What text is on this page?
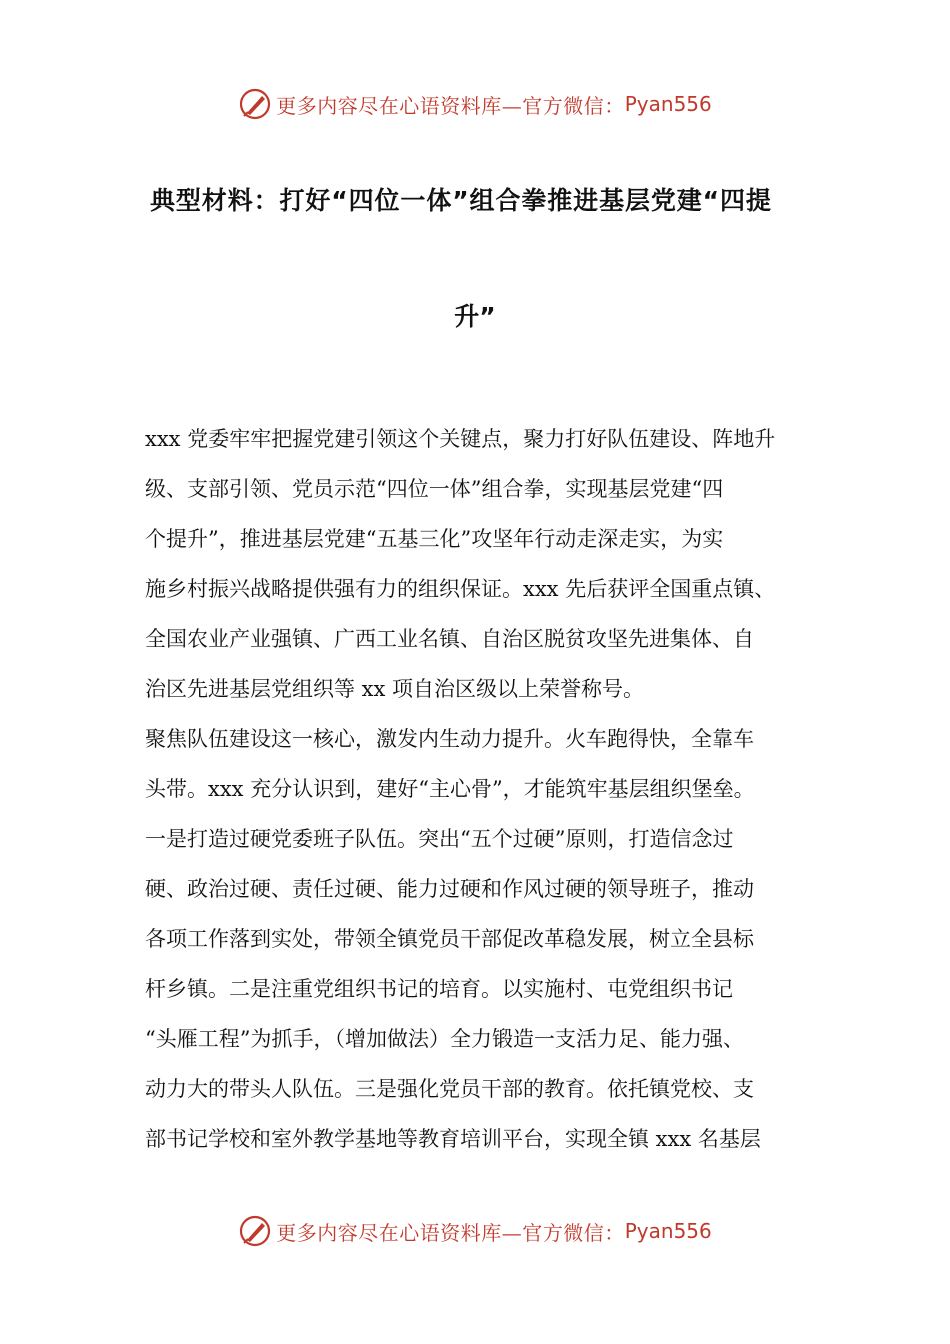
更多内容尽在心语资料库—官方微信： Pyan556
典型材料：打好“四位一体”组合拳推进基层党建“四提
升”
xxx 党委牢牢把握党建引领这个关键点，聚力打好队伍建设、阵地升
级、支部引领、党员示范“四位一体”组合拳，实现基层党建“四
个提升”，推进基层党建“五基三化”攻坚年行动走深走实，为实
施乡村振兴战略提供强有力的组织保证。xxx 先后获评全国重点镇、
全国农业产业强镇、广西工业名镇、自治区脱贫攻坚先进集体、自
治区先进基层党组织等 xx 项自治区级以上荣誉称号。
聚焦队伍建设这一核心，激发内生动力提升。火车跑得快，全靠车
头带。xxx 充分认识到，建好“主心骨”，才能筑牢基层组织堡垒。
一是打造过硬党委班子队伍。突出“五个过硬”原则，打造信念过
硬、政治过硬、责任过硬、能力过硬和作风过硬的领导班子，推动
各项工作落到实处，带领全镇党员干部促改革稳发展，树立全县标
杆乡镇。二是注重党组织书记的培育。以实施村、屯党组织书记
“头雁工程”为抓手，（增加做法）全力锻造一支活力足、能力强、
动力大的带头人队伍。三是强化党员干部的教育。依托镇党校、支
部书记学校和室外教学基地等教育培训平台，实现全镇 xxx 名基层
更多内容尽在心语资料库—官方微信： Pyan556
